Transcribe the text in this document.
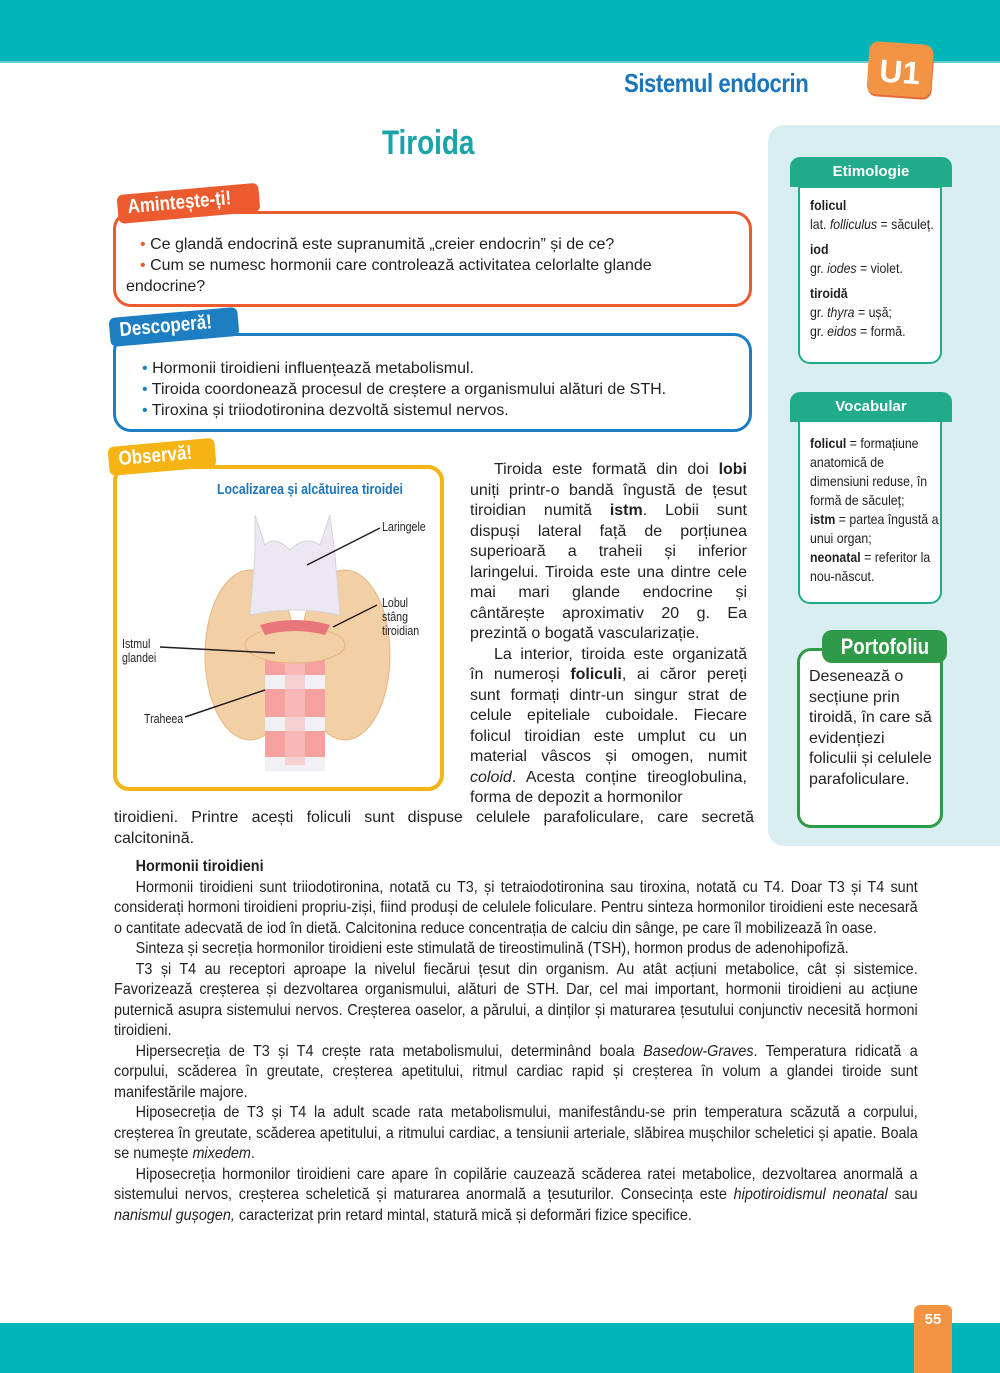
Sistemul endocrin	U1
Tiroida
folicul
lat. folliculus = săculeț.
iod
gr. iodes = violet.
tiroidă
gr. thyra = ușă;
gr. eidos = formă.
Etimologie
folicul = formațiune anatomică de dimensiuni reduse, în formă de săculeț;
istm = partea îngustă a unui organ;
neonatal = referitor la nou-născut.
Vocabular
Portofoliu
Desenează o secțiune prin tiroidă, în care să evidențiezi foliculii și celulele parafoliculare.
• Ce glandă endocrină este supranumită „creier endocrin” și de ce?
• Cum se numesc hormonii care controlează activitatea celorlalte glande endocrine?
Amintește-ți!
• Hormonii tiroidieni influențează metabolismul.
• Tiroida coordonează procesul de creștere a organismului alături de STH.
• Tiroxina și triiodotironina dezvoltă sistemul nervos.
Descoperă!
Observă!
Localizarea și alcătuirea tiroidei
Laringele
Lobul
stâng
tiroidian
Istmul
glandei
Traheea
Tiroida este formată din doi lobi uniți printr-o bandă îngustă de țesut tiroidian numită istm. Lobii sunt dispuși lateral față de porțiunea superioară a traheii și inferior laringelui. Tiroida este una dintre cele mai mari glande endocrine și cântărește aproximativ 20 g. Ea prezintă o bogată vascularizație.
La interior, tiroida este organizată în numeroși foliculi, ai căror pereți sunt formați dintr-un singur strat de celule epiteliale cuboidale. Fiecare folicul tiroidian este umplut cu un material vâscos și omogen, numit coloid. Acesta conține tireoglobulina, forma de depozit a hormonilor
tiroidieni. Printre acești foliculi sunt dispuse celulele parafoliculare, care secretă calcitonină.
Hormonii tiroidieni
Hormonii tiroidieni sunt triiodotironina, notată cu T3, și tetraiodotironina sau tiroxina, notată cu T4. Doar T3 și T4 sunt considerați hormoni tiroidieni propriu-ziși, fiind produși de celulele foliculare. Pentru sinteza hormonilor tiroidieni este necesară o cantitate adecvată de iod în dietă. Calcitonina reduce concentrația de calciu din sânge, pe care îl mobilizează în oase.
Sinteza și secreția hormonilor tiroidieni este stimulată de tireostimulină (TSH), hormon produs de adenohipofiză.
T3 și T4 au receptori aproape la nivelul fiecărui țesut din organism. Au atât acțiuni metabolice, cât și sistemice. Favorizează creșterea și dezvoltarea organismului, alături de STH. Dar, cel mai important, hormonii tiroidieni au acțiune puternică asupra sistemului nervos. Creșterea oaselor, a părului, a dinților și maturarea țesutului conjunctiv necesită hormoni tiroidieni.
Hipersecreția de T3 și T4 crește rata metabolismului, determinând boala Basedow-Graves. Temperatura ridicată a corpului, scăderea în greutate, creșterea apetitului, ritmul cardiac rapid și creșterea în volum a glandei tiroide sunt manifestările majore.
Hiposecreția de T3 și T4 la adult scade rata metabolismului, manifestându-se prin temperatura scăzută a corpului, creșterea în greutate, scăderea apetitului, a ritmului cardiac, a tensiunii arteriale, slăbirea mușchilor scheletici și apatie. Boala se numește mixedem.
Hiposecreția hormonilor tiroidieni care apare în copilărie cauzează scăderea ratei metabolice, dezvoltarea anormală a sistemului nervos, creșterea scheletică și maturarea anormală a țesuturilor. Consecința este hipotiroidismul neonatal sau nanismul gușogen, caracterizat prin retard mintal, statură mică și deformări fizice specifice.
55
